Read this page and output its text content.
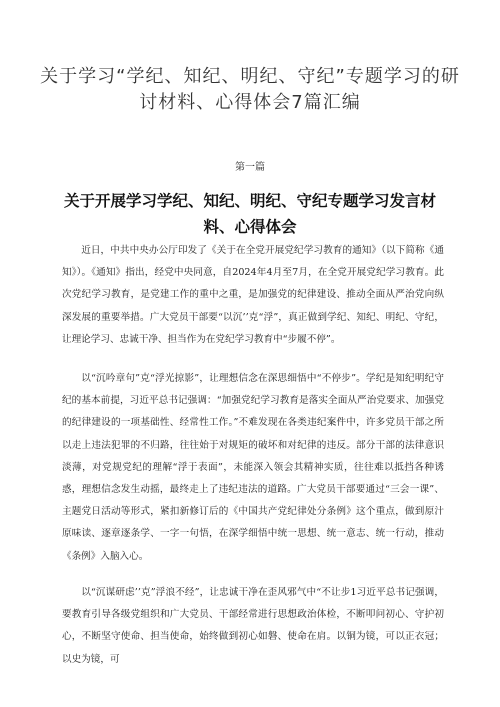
关于学习“学纪、知纪、明纪、守纪”专题学习的研讨材料、心得体会7篇汇编

第一篇

关于开展学习学纪、知纪、明纪、守纪专题学习发言材料、心得体会

近日，中共中央办公厅印发了《关于在全党开展党纪学习教育的通知》（以下简称《通知》）。《通知》指出，经党中央同意，自2024年4月至7月，在全党开展党纪学习教育。此次党纪学习教育，是党建工作的重中之重，是加强党的纪律建设、推动全面从严治党向纵深发展的重要举措。广大党员干部要“以沉’’克“浮”，真正做到学纪、知纪、明纪、守纪，让理论学习、忠诚干净、担当作为在党纪学习教育中“步履不停”。

以“沉吟章句”克“浮光掠影”，让理想信念在深思细悟中“不停步”。学纪是知纪明纪守纪的基本前提，习近平总书记强调：“加强党纪学习教育是落实全面从严治党要求、加强党的纪律建设的一项基础性、经常性工作。”不难发现在各类违纪案件中，许多党员干部之所以走上违法犯罪的不归路，往往始于对规矩的破坏和对纪律的违反。部分干部的法律意识淡薄，对党规党纪的理解“浮于表面”，未能深入领会其精神实质，往往难以抵挡各种诱惑，理想信念发生动摇，最终走上了违纪违法的道路。广大党员干部要通过“三会一课”、主题党日活动等形式，紧扣新修订后的《中国共产党纪律处分条例》这个重点，做到原汁原味读、逐章逐条学、一字一句悟，在深学细悟中统一思想、统一意志、统一行动，推动《条例》入脑入心。

以“沉谋研虑’’克”浮浪不经”，让忠诚干净在歪风邪气中“不让步1习近平总书记强调，要教育引导各级党组织和广大党员、干部经常进行思想政治体检，不断叩问初心、守护初心，不断坚守使命、担当使命，始终做到初心如磐、使命在肩。以铜为镜，可以正衣冠；以史为镜，可
